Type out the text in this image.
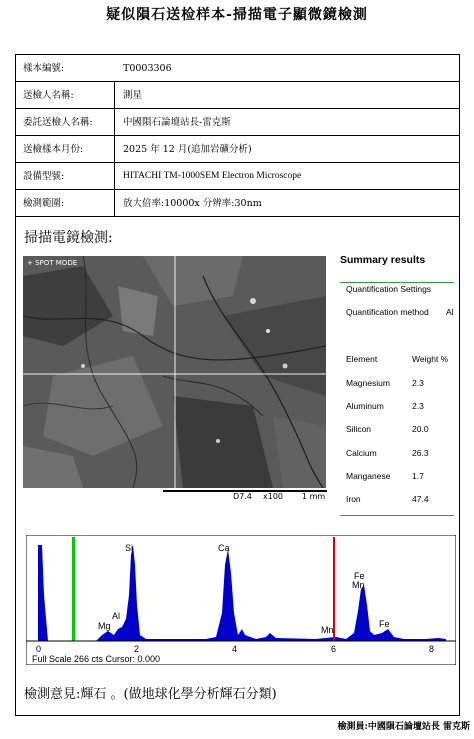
疑似隕石送检样本-掃描電子顯微鏡檢測
樣本編號:	T0003306
送檢人名稱:	測星
委託送檢人名稱:	中國隕石論壇站長-雷克斯
送檢樣本月份:	2025 年 12 月(追加岩礦分析)
設備型號:	HITACHI TM-1000SEM Electron Microscope
檢測範圍:	放大倍率:10000x 分辨率:30nm
掃描電鏡檢測:
+ SPOT MODE
D7.4 x100 1 mm
Summary results
Quantification Settings
Quantification method Al
Element	Weight %
Magnesium	2.3
Aluminum	2.3
Silicon	20.0
Calcium	26.3
Manganese	1.7
Iron	47.4
Si	Ca
Al
Mg
Fe
Mn
Mn
Fe
0	2	4	6	8
Full Scale 266 cts Cursor: 0.000
檢測意見:輝石 。(做地球化學分析輝石分類)
檢測員:中國隕石論壇站長 雷克斯
